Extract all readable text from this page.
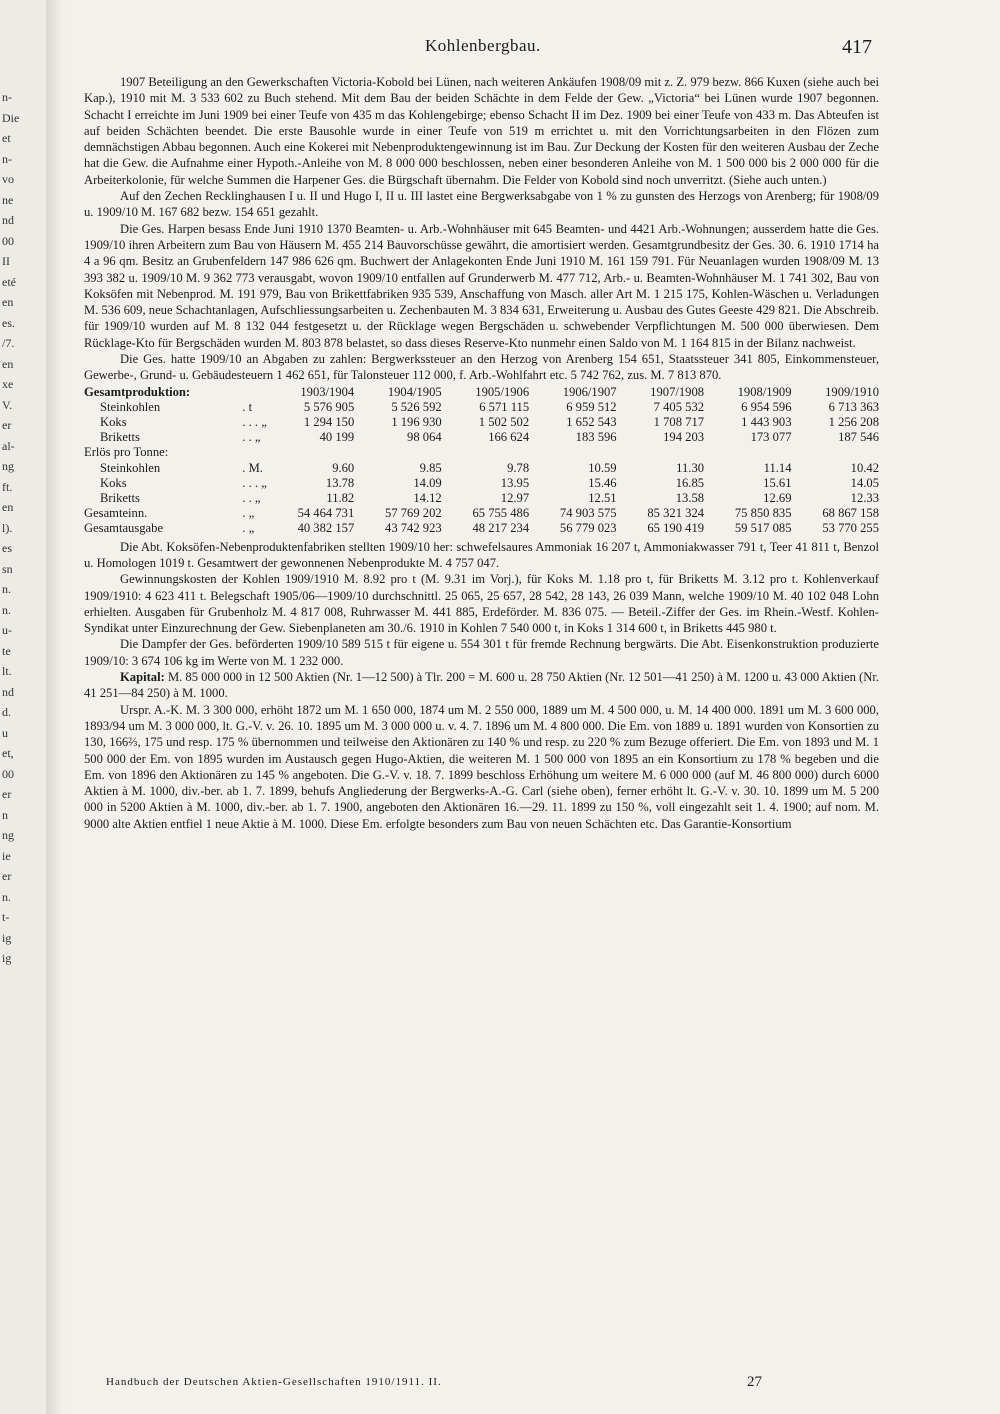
n-
Die
et
n-
vo
ne
nd
00
II
eté
en
es.
/7.
en
xe
V.
er
al-
ng
ft.
en
l).
es
sn
n.
n.
u-
te
lt.
nd
d.
u
et,
00
er
n
ng
ie
er
n.
t-
ig
ig
Kohlenbergbau.	417

1907 Beteiligung an den Gewerkschaften Victoria-Kobold bei Lünen, nach weiteren Ankäufen 1908/09 mit z. Z. 979 bezw. 866 Kuxen (siehe auch bei Kap.), 1910 mit M. 3 533 602 zu Buch stehend. Mit dem Bau der beiden Schächte in dem Felde der Gew. „Victoria“ bei Lünen wurde 1907 begonnen. Schacht I erreichte im Juni 1909 bei einer Teufe von 435 m das Kohlengebirge; ebenso Schacht II im Dez. 1909 bei einer Teufe von 433 m. Das Abteufen ist auf beiden Schächten beendet. Die erste Bausohle wurde in einer Teufe von 519 m errichtet u. mit den Vorrichtungsarbeiten in den Flözen zum demnächstigen Abbau begonnen. Auch eine Kokerei mit Nebenproduktengewinnung ist im Bau. Zur Deckung der Kosten für den weiteren Ausbau der Zeche hat die Gew. die Aufnahme einer Hypoth.-Anleihe von M. 8 000 000 beschlossen, neben einer besonderen Anleihe von M. 1 500 000 bis 2 000 000 für die Arbeiterkolonie, für welche Summen die Harpener Ges. die Bürgschaft übernahm. Die Felder von Kobold sind noch unverritzt. (Siehe auch unten.)

Auf den Zechen Recklinghausen I u. II und Hugo I, II u. III lastet eine Bergwerksabgabe von 1 % zu gunsten des Herzogs von Arenberg; für 1908/09 u. 1909/10 M. 167 682 bezw. 154 651 gezahlt.

Die Ges. Harpen besass Ende Juni 1910 1370 Beamten- u. Arb.-Wohnhäuser mit 645 Beamten- und 4421 Arb.-Wohnungen; ausserdem hatte die Ges. 1909/10 ihren Arbeitern zum Bau von Häusern M. 455 214 Bauvorschüsse gewährt, die amortisiert werden. Gesamtgrundbesitz der Ges. 30. 6. 1910 1714 ha 4 a 96 qm. Besitz an Grubenfeldern 147 986 626 qm. Buchwert der Anlagekonten Ende Juni 1910 M. 161 159 791. Für Neuanlagen wurden 1908/09 M. 13 393 382 u. 1909/10 M. 9 362 773 verausgabt, wovon 1909/10 entfallen auf Grunderwerb M. 477 712, Arb.- u. Beamten-Wohnhäuser M. 1 741 302, Bau von Koksöfen mit Nebenprod. M. 191 979, Bau von Brikettfabriken 935 539, Anschaffung von Masch. aller Art M. 1 215 175, Kohlen-Wäschen u. Verladungen M. 536 609, neue Schachtanlagen, Aufschliessungsarbeiten u. Zechenbauten M. 3 834 631, Erweiterung u. Ausbau des Gutes Geeste 429 821. Die Abschreib. für 1909/10 wurden auf M. 8 132 044 festgesetzt u. der Rücklage wegen Bergschäden u. schwebender Verpflichtungen M. 500 000 überwiesen. Dem Rücklage-Kto für Bergschäden wurden M. 803 878 belastet, so dass dieses Reserve-Kto nunmehr einen Saldo von M. 1 164 815 in der Bilanz nachweist.

Die Ges. hatte 1909/10 an Abgaben zu zahlen: Bergwerkssteuer an den Herzog von Arenberg 154 651, Staatssteuer 341 805, Einkommensteuer, Gewerbe-, Grund- u. Gebäudesteuern 1 462 651, für Talonsteuer 112 000, f. Arb.-Wohlfahrt etc. 5 742 762, zus. M. 7 813 870.

Gesamtproduktion:		1903/1904	1904/1905	1905/1906	1906/1907	1907/1908	1908/1909	1909/1910
Steinkohlen	. t	5 576 905	5 526 592	6 571 115	6 959 512	7 405 532	6 954 596	6 713 363
Koks	. . . „	1 294 150	1 196 930	1 502 502	1 652 543	1 708 717	1 443 903	1 256 208
Briketts	. . „	40 199	98 064	166 624	183 596	194 203	173 077	187 546
Erlös pro Tonne:								
Steinkohlen	. M.	9.60	9.85	9.78	10.59	11.30	11.14	10.42
Koks	. . . „	13.78	14.09	13.95	15.46	16.85	15.61	14.05
Briketts	. . „	11.82	14.12	12.97	12.51	13.58	12.69	12.33
Gesamteinn.	. „	54 464 731	57 769 202	65 755 486	74 903 575	85 321 324	75 850 835	68 867 158
Gesamtausgabe	. „	40 382 157	43 742 923	48 217 234	56 779 023	65 190 419	59 517 085	53 770 255

Die Abt. Koksöfen-Nebenproduktenfabriken stellten 1909/10 her: schwefelsaures Ammoniak 16 207 t, Ammoniakwasser 791 t, Teer 41 811 t, Benzol u. Homologen 1019 t. Gesamtwert der gewonnenen Nebenprodukte M. 4 757 047.

Gewinnungskosten der Kohlen 1909/1910 M. 8.92 pro t (M. 9.31 im Vorj.), für Koks M. 1.18 pro t, für Briketts M. 3.12 pro t. Kohlenverkauf 1909/1910: 4 623 411 t. Belegschaft 1905/06—1909/10 durchschnittl. 25 065, 25 657, 28 542, 28 143, 26 039 Mann, welche 1909/10 M. 40 102 048 Lohn erhielten. Ausgaben für Grubenholz M. 4 817 008, Ruhrwasser M. 441 885, Erdeförder. M. 836 075. — Beteil.-Ziffer der Ges. im Rhein.-Westf. Kohlen-Syndikat unter Einzurechnung der Gew. Siebenplaneten am 30./6. 1910 in Kohlen 7 540 000 t, in Koks 1 314 600 t, in Briketts 445 980 t.

Die Dampfer der Ges. beförderten 1909/10 589 515 t für eigene u. 554 301 t für fremde Rechnung bergwärts. Die Abt. Eisenkonstruktion produzierte 1909/10: 3 674 106 kg im Werte von M. 1 232 000.

Kapital: M. 85 000 000 in 12 500 Aktien (Nr. 1—12 500) à Tlr. 200 = M. 600 u. 28 750 Aktien (Nr. 12 501—41 250) à M. 1200 u. 43 000 Aktien (Nr. 41 251—84 250) à M. 1000.

Urspr. A.-K. M. 3 300 000, erhöht 1872 um M. 1 650 000, 1874 um M. 2 550 000, 1889 um M. 4 500 000, u. M. 14 400 000. 1891 um M. 3 600 000, 1893/94 um M. 3 000 000, lt. G.-V. v. 26. 10. 1895 um M. 3 000 000 u. v. 4. 7. 1896 um M. 4 800 000. Die Em. von 1889 u. 1891 wurden von Konsortien zu 130, 166⅔, 175 und resp. 175 % übernommen und teilweise den Aktionären zu 140 % und resp. zu 220 % zum Bezuge offeriert. Die Em. von 1893 und M. 1 500 000 der Em. von 1895 wurden im Austausch gegen Hugo-Aktien, die weiteren M. 1 500 000 von 1895 an ein Konsortium zu 178 % begeben und die Em. von 1896 den Aktionären zu 145 % angeboten. Die G.-V. v. 18. 7. 1899 beschloss Erhöhung um weitere M. 6 000 000 (auf M. 46 800 000) durch 6000 Aktien à M. 1000, div.-ber. ab 1. 7. 1899, behufs Angliederung der Bergwerks-A.-G. Carl (siehe oben), ferner erhöht lt. G.-V. v. 30. 10. 1899 um M. 5 200 000 in 5200 Aktien à M. 1000, div.-ber. ab 1. 7. 1900, angeboten den Aktionären 16.—29. 11. 1899 zu 150 %, voll eingezahlt seit 1. 4. 1900; auf nom. M. 9000 alte Aktien entfiel 1 neue Aktie à M. 1000. Diese Em. erfolgte besonders zum Bau von neuen Schächten etc. Das Garantie-Konsortium

Handbuch der Deutschen Aktien-Gesellschaften 1910/1911. II.	27
